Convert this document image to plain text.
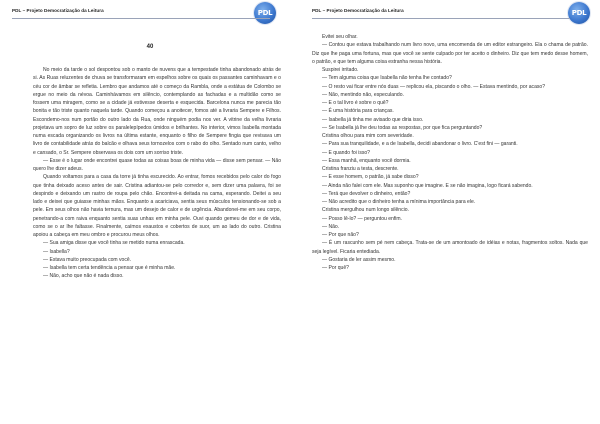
PDL – Projeto Democratização da Leitura	PDL
40

No meio da tarde o sol despontou sob o manto de nuvens que a tempestade tinha abandonado atrás de si. As Ruas reluzentes de chuva se transformaram em espelhos sobre os quais os passantes caminhavam e o céu cor de âmbar se refletia. Lembro que andamos até o começo da Rambla, onde a estátua de Colombo se ergue no meio da névoa. Caminhávamos em silêncio, contemplando as fachadas e a multidão como se fossem uma miragem, como se a cidade já estivesse deserta e esquecida. Barcelona nunca me parecia tão bonita e tão triste quanto naquela tarde. Quando começou a anoitecer, fomos até a livraria Sempere e Filhos. Escondemo-nos num portão do outro lado da Rua, onde ninguém podia nos ver. A vitrine da velha livraria projetava um sopro de luz sobre os paralelepípedos úmidos e brilhantes. No interior, vimos Isabella montada numa escada organizando os livros na última estante, enquanto o filho de Sempere fingia que revisava um livro de contabilidade atrás do balcão e olhava seus tornozelos com o rabo do olho. Sentado num canto, velho e cansado, o Sr. Sempere observava os dois com um sorriso triste.

— Esse é o lugar onde encontrei quase todas as coisas boas de minha vida — disse sem pensar. — Não quero lhe dizer adeus.

Quando voltamos para a casa da torre já tinha escurecido. Ao entrar, fomos recebidos pelo calor do fogo que tinha deixado aceso antes de sair. Cristina adiantou-se pelo corredor e, sem dizer uma palavra, foi se despindo e deixando um rastro de roupa pelo chão. Encontrei-a deitada na cama, esperando. Deitei a seu lado e deixei que guiasse minhas mãos. Enquanto a acariciava, sentia seus músculos tensionando-se sob a pele. Em seus olhos não havia ternura, mas um desejo de calor e de urgência. Abandonei-me em seu corpo, penetrando-a com raiva enquanto sentia suas unhas em minha pele. Ouvi quando gemeu de dor e de vida, como se o ar lhe faltasse. Finalmente, caímos exaustos e cobertos de suor, um ao lado do outro. Cristina apoiou a cabeça em meu ombro e procurou meus olhos.

— Sua amiga disse que você tinha se metido numa enrascada.

— Isabella?

— Estava muito preocupada com você.

— Isabella tem certa tendência a pensar que é minha mãe.

— Não, acho que não é nada disso.

PDL – Projeto Democratização da Leitura	PDL

Evitei seu olhar.

— Contou que estava trabalhando num livro novo, uma encomenda de um editor estrangeiro. Ela o chama de patrão. Diz que lhe paga uma fortuna, mas que você se sente culpado por ter aceito o dinheiro. Diz que tem medo desse homem, o patrão, e que tem alguma coisa estranha nessa história.

Suspirei irritado.

— Tem alguma coisa que Isabella não tenha lhe contado?

— O resto vai ficar entre nós duas — replicou ela, piscando o olho. — Estava mentindo, por acaso?

— Não, mentindo não, especulando.

— E o tal livro é sobre o quê?

— É uma história para crianças.

— Isabella já tinha me avisado que diria isso.

— Se Isabella já lhe deu todas as respostas, por que fica perguntando?

Cristina olhou para mim com severidade.

— Para sua tranquilidade, e a de Isabella, decidi abandonar o livro. C'est fini — garanti.

— E quando foi isso?

— Essa manhã, enquanto você dormia.

Cristina franziu a testa, descrente.

— E esse homem, o patrão, já sabe disso?

— Ainda não falei com ele. Mas suponho que imagine. E se não imagina, logo ficará sabendo.

— Terá que devolver o dinheiro, então?

— Não acredito que o dinheiro tenha a mínima importância para ele.

Cristina mergulhou num longo silêncio.

— Posso lê-lo? — perguntou enfim.

— Não.

— Por que não?

— É um rascunho sem pé nem cabeça. Trata-se de um amontoado de idéias e notas, fragmentos soltos. Nada que seja legível. Ficaria entediada.

— Gostaria de ler assim mesmo.

— Por quê?
